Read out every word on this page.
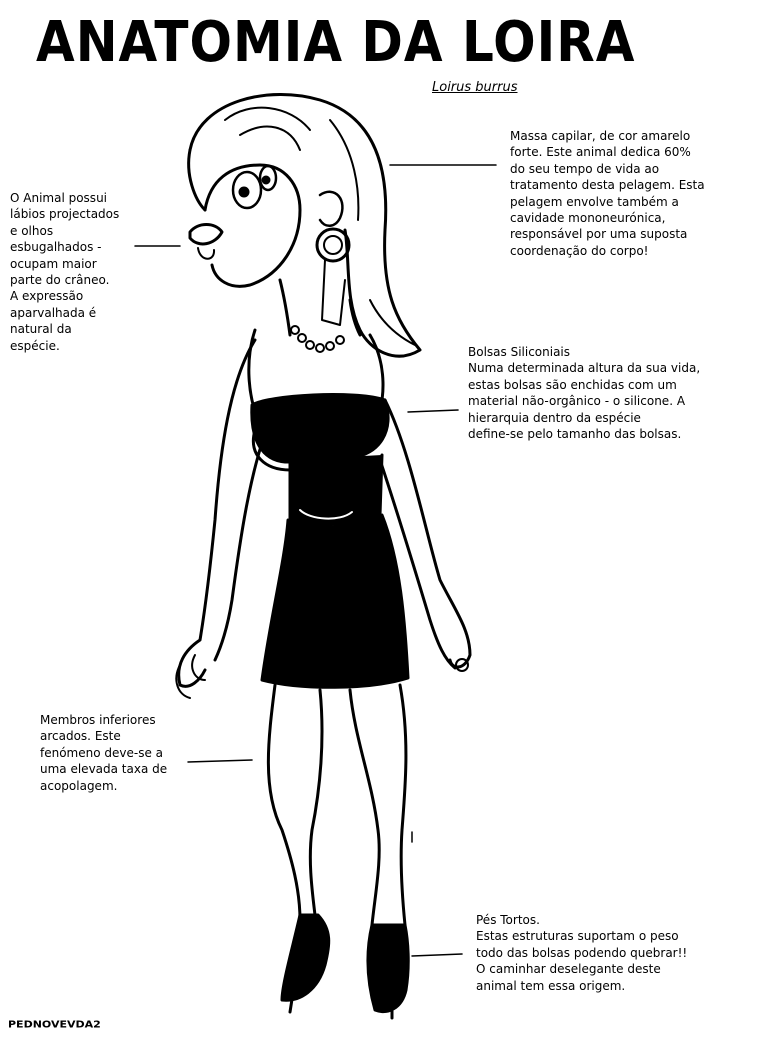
ANATOMIA DA LOIRA
Loirus burrus
Massa capilar, de cor amarelo
forte. Este animal dedica 60%
do seu tempo de vida ao
tratamento desta pelagem. Esta
pelagem envolve também a
cavidade mononeurónica,
responsável por uma suposta
coordenação do corpo!
O Animal possui
lábios projectados
e olhos
esbugalhados -
ocupam maior
parte do crâneo.
A expressão
aparvalhada é
natural da
espécie.	Bolsas Siliconiais
Numa determinada altura da sua vida,
estas bolsas são enchidas com um
material não-orgânico - o silicone. A
hierarquia dentro da espécie
define-se pelo tamanho das bolsas.
Membros inferiores
arcados. Este
fenómeno deve-se a
uma elevada taxa de
acopolagem.
Pés Tortos.
Estas estruturas suportam o peso
todo das bolsas podendo quebrar!!
O caminhar deselegante deste
animal tem essa origem.
PEDNOVEVDA2
